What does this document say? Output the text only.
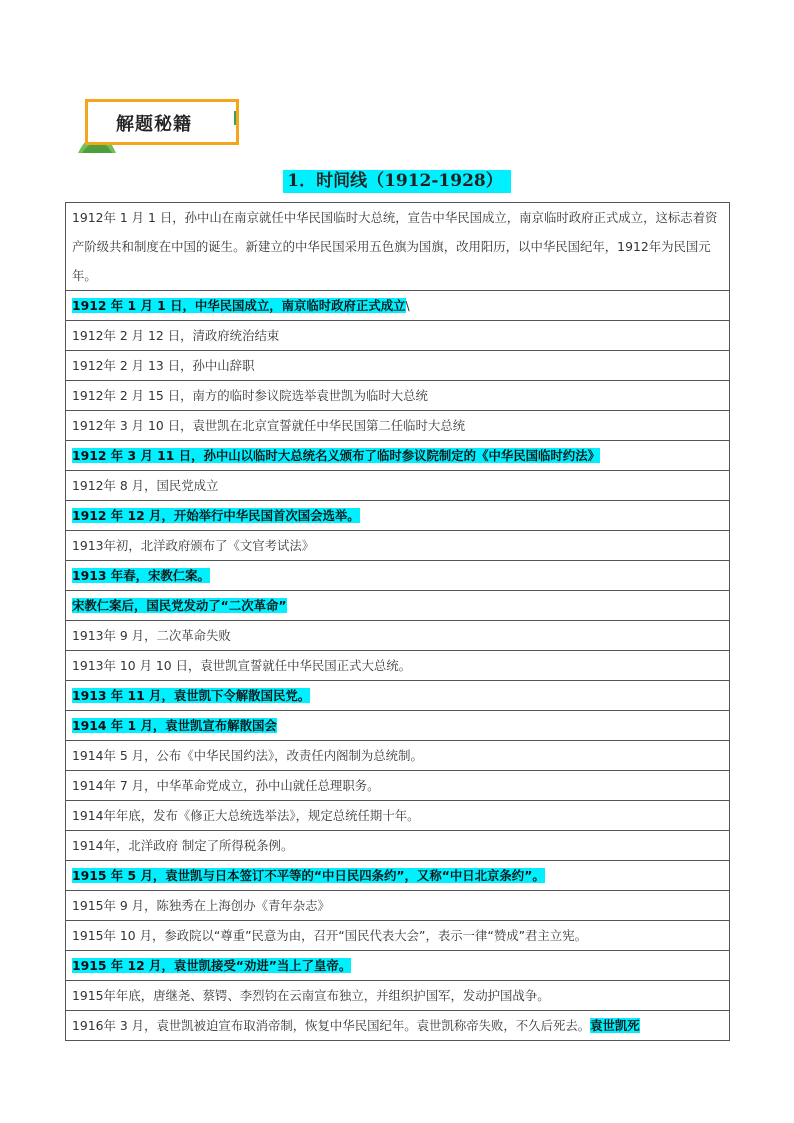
解题秘籍
1．时间线（1912-1928）
1912年 1 月 1 日，孙中山在南京就任中华民国临时大总统，宣告中华民国成立，南京临时政府正式成立，这标志着资产阶级共和制度在中国的诞生。新建立的中华民国采用五色旗为国旗，改用阳历，以中华民国纪年，1912年为民国元年。
1912 年 1 月 1 日，中华民国成立，南京临时政府正式成立\
1912年 2 月 12 日，清政府统治结束
1912年 2 月 13 日，孙中山辞职
1912年 2 月 15 日，南方的临时参议院选举袁世凯为临时大总统
1912年 3 月 10 日，袁世凯在北京宣誓就任中华民国第二任临时大总统
1912 年 3 月 11 日，孙中山以临时大总统名义颁布了临时参议院制定的《中华民国临时约法》
1912年 8 月，国民党成立
1912 年 12 月，开始举行中华民国首次国会选举。
1913年初，北洋政府颁布了《文官考试法》
1913 年春，宋教仁案。
宋教仁案后，国民党发动了“二次革命”
1913年 9 月，二次革命失败
1913年 10 月 10 日，袁世凯宣誓就任中华民国正式大总统。
1913 年 11 月，袁世凯下令解散国民党。
1914 年 1 月，袁世凯宣布解散国会
1914年 5 月，公布《中华民国约法》，改责任内阁制为总统制。
1914年 7 月，中华革命党成立，孙中山就任总理职务。
1914年年底，发布《修正大总统选举法》，规定总统任期十年。
1914年，北洋政府 制定了所得税条例。
1915 年 5 月，袁世凯与日本签订不平等的“中日民四条约”，又称“中日北京条约”。
1915年 9 月，陈独秀在上海创办《青年杂志》
1915年 10 月，参政院以“尊重”民意为由，召开“国民代表大会”，表示一律“赞成”君主立宪。
1915 年 12 月，袁世凯接受“劝进”当上了皇帝。
1915年年底，唐继尧、蔡锷、李烈钧在云南宣布独立，并组织护国军，发动护国战争。
1916年 3 月，袁世凯被迫宣布取消帝制，恢复中华民国纪年。袁世凯称帝失败，不久后死去。袁世凯死
